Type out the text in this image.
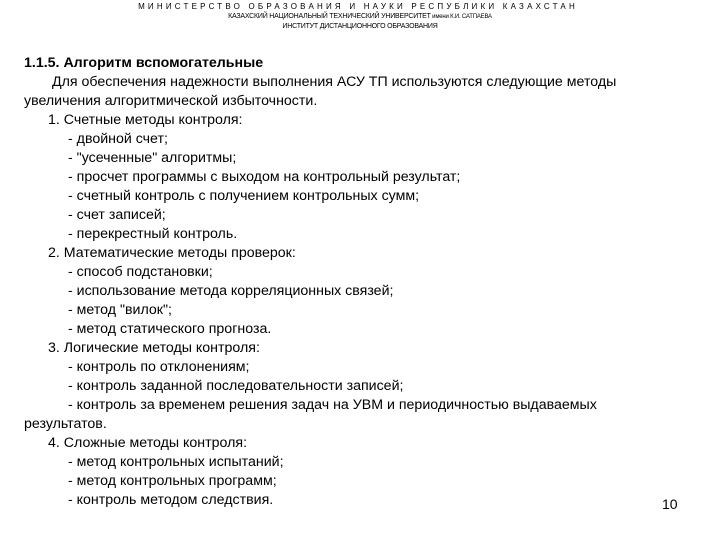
МИНИСТЕРСТВО ОБРАЗОВАНИЯ И НАУКИ РЕСПУБЛИКИ КАЗАХСТАН
КАЗАХСКИЙ НАЦИОНАЛЬНЫЙ ТЕХНИЧЕСКИЙ УНИВЕРСИТЕТ имени К.И. САТПАЕВА
ИНСТИТУТ ДИСТАНЦИОННОГО ОБРАЗОВАНИЯ
1.1.5. Алгоритм вспомогательные
Для обеспечения надежности выполнения АСУ ТП используются следующие методы
увеличения алгоритмической избыточности.
1. Счетные методы контроля:
- двойной счет;
- "усеченные" алгоритмы;
- просчет программы с выходом на контрольный результат;
- счетный контроль с получением контрольных сумм;
- счет записей;
- перекрестный контроль.
2. Математические методы проверок:
- способ подстановки;
- использование метода корреляционных связей;
- метод "вилок";
- метод статического прогноза.
3. Логические методы контроля:
- контроль по отклонениям;
- контроль заданной последовательности записей;
- контроль за временем решения задач на УВМ и периодичностью выдаваемых
результатов.
4. Сложные методы контроля:
- метод контрольных испытаний;
- метод контрольных программ;
- контроль методом следствия.	10
